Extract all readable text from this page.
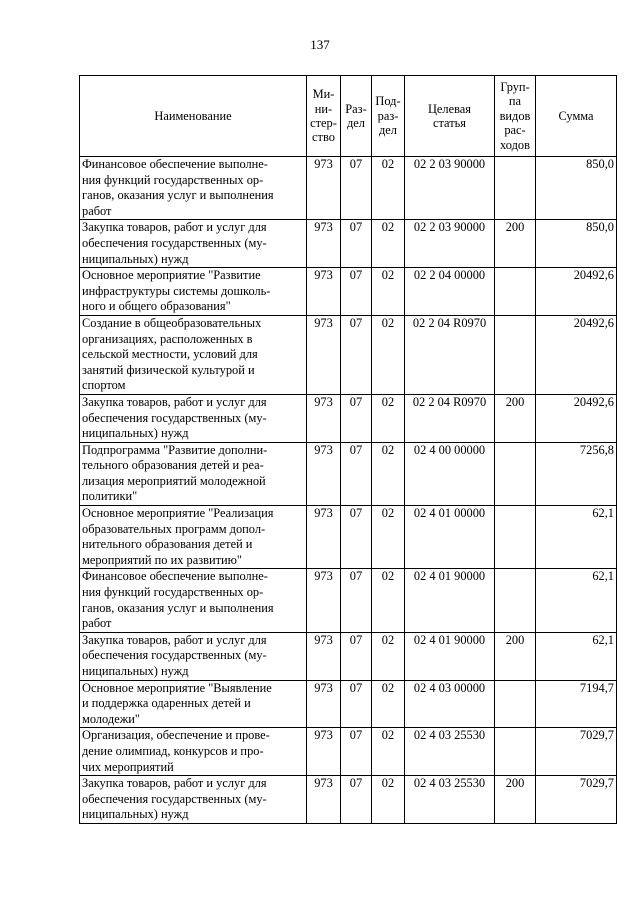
137
Наименование	Ми-
ни-
стер-
ство	Раз-
дел	Под-
раз-
дел	Целевая
статья	Груп-
па
видов
рас-
ходов	Сумма
Финансовое обеспечение выполне-
ния функций государственных ор-
ганов, оказания услуг и выполнения
работ	973	07	02	02 2 03 90000		850,0
Закупка товаров, работ и услуг для
обеспечения государственных (му-
ниципальных) нужд	973	07	02	02 2 03 90000	200	850,0
Основное мероприятие "Развитие
инфраструктуры системы дошколь-
ного и общего образования"	973	07	02	02 2 04 00000		20492,6
Создание в общеобразовательных
организациях, расположенных в
сельской местности, условий для
занятий физической культурой и
спортом	973	07	02	02 2 04 R0970		20492,6
Закупка товаров, работ и услуг для
обеспечения государственных (му-
ниципальных) нужд	973	07	02	02 2 04 R0970	200	20492,6
Подпрограмма "Развитие дополни-
тельного образования детей и реа-
лизация мероприятий молодежной
политики"	973	07	02	02 4 00 00000		7256,8
Основное мероприятие "Реализация
образовательных программ допол-
нительного образования детей и
мероприятий по их развитию"	973	07	02	02 4 01 00000		62,1
Финансовое обеспечение выполне-
ния функций государственных ор-
ганов, оказания услуг и выполнения
работ	973	07	02	02 4 01 90000		62,1
Закупка товаров, работ и услуг для
обеспечения государственных (му-
ниципальных) нужд	973	07	02	02 4 01 90000	200	62,1
Основное мероприятие "Выявление
и поддержка одаренных детей и
молодежи"	973	07	02	02 4 03 00000		7194,7
Организация, обеспечение и прове-
дение олимпиад, конкурсов и про-
чих мероприятий	973	07	02	02 4 03 25530		7029,7
Закупка товаров, работ и услуг для
обеспечения государственных (му-
ниципальных) нужд	973	07	02	02 4 03 25530	200	7029,7
